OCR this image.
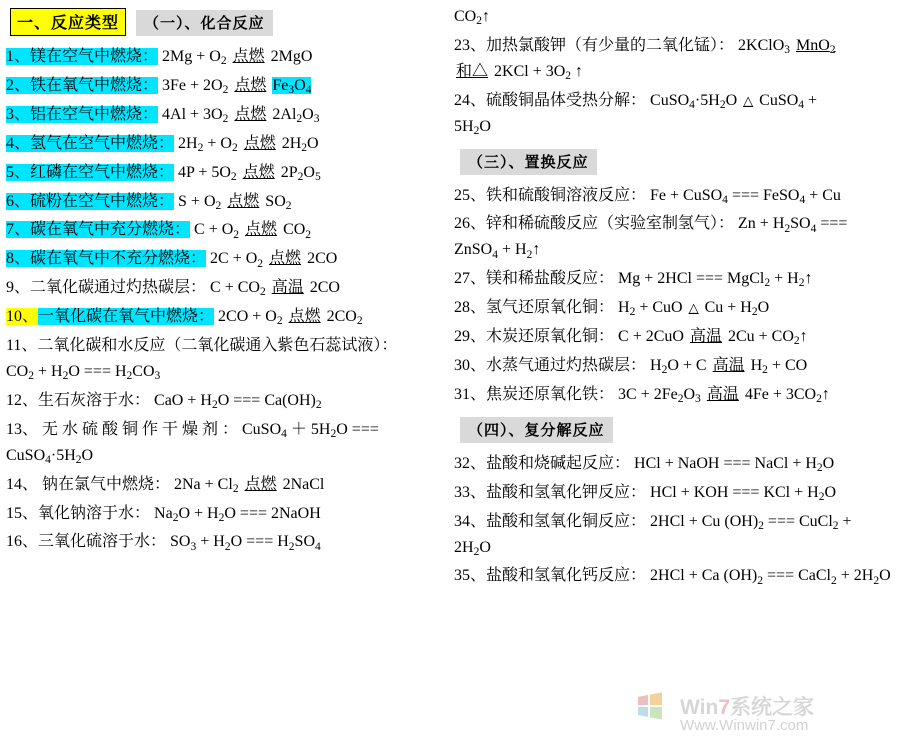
一、反应类型 （一）、化合反应
1、镁在空气中燃烧： $2Mg + O_2$ 点燃 2MgO
2、铁在氧气中燃烧： $3Fe + 2O_2$ 点燃 $Fe_3O_4$
3、铝在空气中燃烧： $4Al + 3O_2$ 点燃 $2Al_2O_3$
4、氢气在空气中燃烧： $2H_2 + O_2$ 点燃 $2H_2O$
5、红磷在空气中燃烧： $4P + 5O_2$ 点燃 $2P_2O_5$
6、硫粉在空气中燃烧： $S + O_2$ 点燃 $SO_2$
7、碳在氧气中充分燃烧： $C + O_2$ 点燃 $CO_2$
8、碳在氧气中不充分燃烧： $2C + O_2$ 点燃 2CO
9、二氧化碳通过灼热碳层： $C + CO_2$ 高温 2CO
10、一氧化碳在氧气中燃烧： $2CO + O_2$ 点燃 $2CO_2$
11、二氧化碳和水反应（二氧化碳通入紫色石蕊试液）：
$CO_2 + H_2O$ === $H_2CO_3$
12、生石灰溶于水： CaO + $H_2O$ === $Ca(OH)_2$
13、 无 水 硫 酸 铜 作 干 燥 剂 ： CuSO$_4$ ＋ $5H_2O$ ===
$CuSO_4\cdot 5H_2O$
14、 钠在氯气中燃烧： $2Na + Cl_2$ 点燃 2NaCl
15、氧化钠溶于水： $Na_2O + H_2O$ === 2NaOH
16、三氧化硫溶于水： $SO_3 + H_2O$ === $H_2SO_4$
$CO_2↑$
23、加热氯酸钾（有少量的二氧化锰）： 2KClO$_3$ MnO$_2$
和△ $2KCl + 3O_2$ ↑
24、硫酸铜晶体受热分解： $CuSO_4\cdot 5H_2O$ △ CuSO$_4$ +
$5H_2O$
（三）、置换反应
25、铁和硫酸铜溶液反应： Fe + CuSO$_4$ === FeSO$_4$ + Cu
26、锌和稀硫酸反应（实验室制氢气）： $Zn + H_2SO_4$ ===
ZnSO$_4$ + $H_2↑$
27、镁和稀盐酸反应： Mg + 2HCl === MgCl$_2$ + $H_2↑$
28、氢气还原氧化铜： $H_2$ + CuO △ $Cu + H_2O$
29、木炭还原氧化铜： C + 2CuO 高温 $2Cu + CO_2↑$
30、水蒸气通过灼热碳层： $H_2O + C$ 高温 $H_2$ + CO
31、焦炭还原氧化铁： $3C + 2Fe_2O_3$ 高温 $4Fe + 3CO_2↑$
（四）、复分解反应
32、盐酸和烧碱起反应： HCl + NaOH === NaCl + $H_2O$
33、盐酸和氢氧化钾反应： HCl + KOH === KCl + $H_2O$
34、盐酸和氢氧化铜反应： 2HCl + Cu $(OH)_2$ === CuCl$_2$ +
$2H_2O$
35、盐酸和氢氧化钙反应： 2HCl + Ca $(OH)_2$ === CaCl$_2$ + $2H_2O$
Win7系统之家
Www.Winwin7.com
